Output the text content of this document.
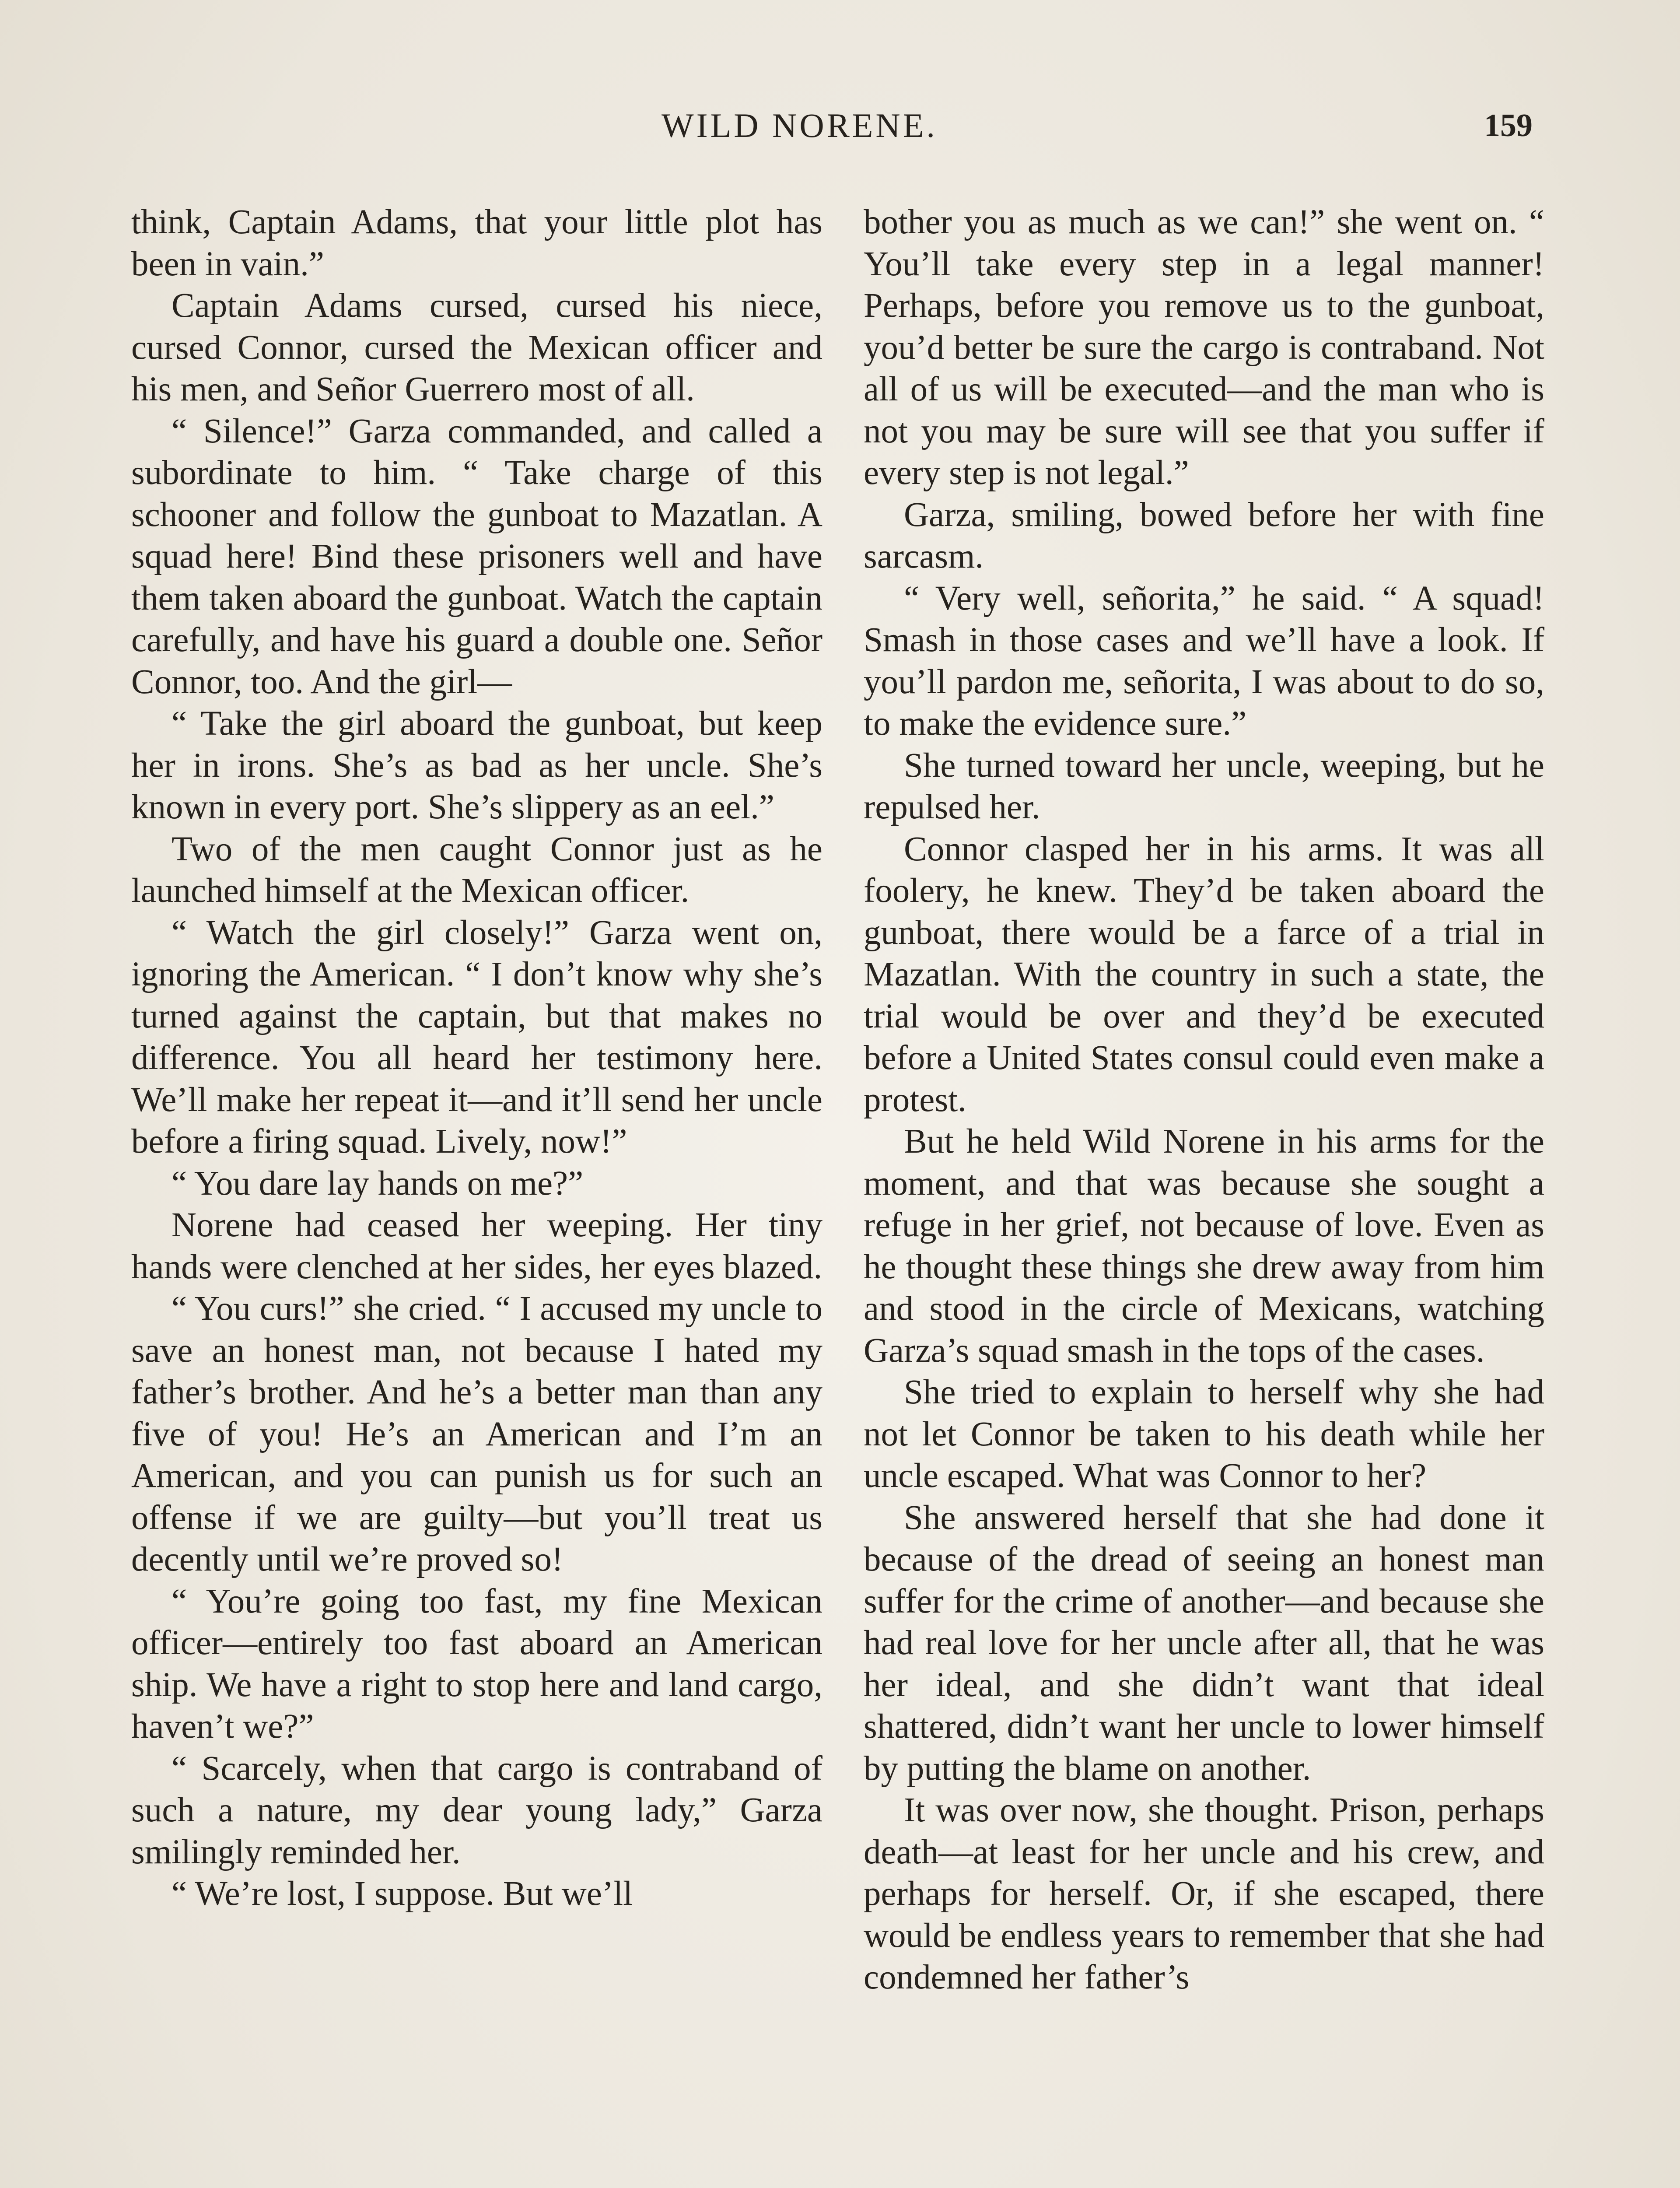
WILD NORENE.	159

think, Captain Adams, that your little plot has been in vain.”

Captain Adams cursed, cursed his niece, cursed Connor, cursed the Mexican officer and his men, and Señor Guerrero most of all.

“ Silence!” Garza commanded, and called a subordinate to him. “ Take charge of this schooner and follow the gunboat to Mazatlan. A squad here! Bind these prisoners well and have them taken aboard the gunboat. Watch the captain carefully, and have his guard a double one. Señor Connor, too. And the girl—

“ Take the girl aboard the gunboat, but keep her in irons. She’s as bad as her uncle. She’s known in every port. She’s slippery as an eel.”

Two of the men caught Connor just as he launched himself at the Mexican officer.

“ Watch the girl closely!” Garza went on, ignoring the American. “ I don’t know why she’s turned against the captain, but that makes no difference. You all heard her testimony here. We’ll make her repeat it—and it’ll send her uncle before a firing squad. Lively, now!”

“ You dare lay hands on me?”

Norene had ceased her weeping. Her tiny hands were clenched at her sides, her eyes blazed.

“ You curs!” she cried. “ I accused my uncle to save an honest man, not because I hated my father’s brother. And he’s a better man than any five of you! He’s an American and I’m an American, and you can punish us for such an offense if we are guilty—but you’ll treat us decently until we’re proved so!

“ You’re going too fast, my fine Mexican officer—entirely too fast aboard an American ship. We have a right to stop here and land cargo, haven’t we?”

“ Scarcely, when that cargo is contraband of such a nature, my dear young lady,” Garza smilingly reminded her.

“ We’re lost, I suppose. But we’ll

bother you as much as we can!” she went on. “ You’ll take every step in a legal manner! Perhaps, before you remove us to the gunboat, you’d better be sure the cargo is contraband. Not all of us will be executed—and the man who is not you may be sure will see that you suffer if every step is not legal.”

Garza, smiling, bowed before her with fine sarcasm.

“ Very well, señorita,” he said. “ A squad! Smash in those cases and we’ll have a look. If you’ll pardon me, señorita, I was about to do so, to make the evidence sure.”

She turned toward her uncle, weeping, but he repulsed her.

Connor clasped her in his arms. It was all foolery, he knew. They’d be taken aboard the gunboat, there would be a farce of a trial in Mazatlan. With the country in such a state, the trial would be over and they’d be executed before a United States consul could even make a protest.

But he held Wild Norene in his arms for the moment, and that was because she sought a refuge in her grief, not because of love. Even as he thought these things she drew away from him and stood in the circle of Mexicans, watching Garza’s squad smash in the tops of the cases.

She tried to explain to herself why she had not let Connor be taken to his death while her uncle escaped. What was Connor to her?

She answered herself that she had done it because of the dread of seeing an honest man suffer for the crime of another—and because she had real love for her uncle after all, that he was her ideal, and she didn’t want that ideal shattered, didn’t want her uncle to lower himself by putting the blame on another.

It was over now, she thought. Prison, perhaps death—at least for her uncle and his crew, and perhaps for herself. Or, if she escaped, there would be endless years to remember that she had condemned her father’s
